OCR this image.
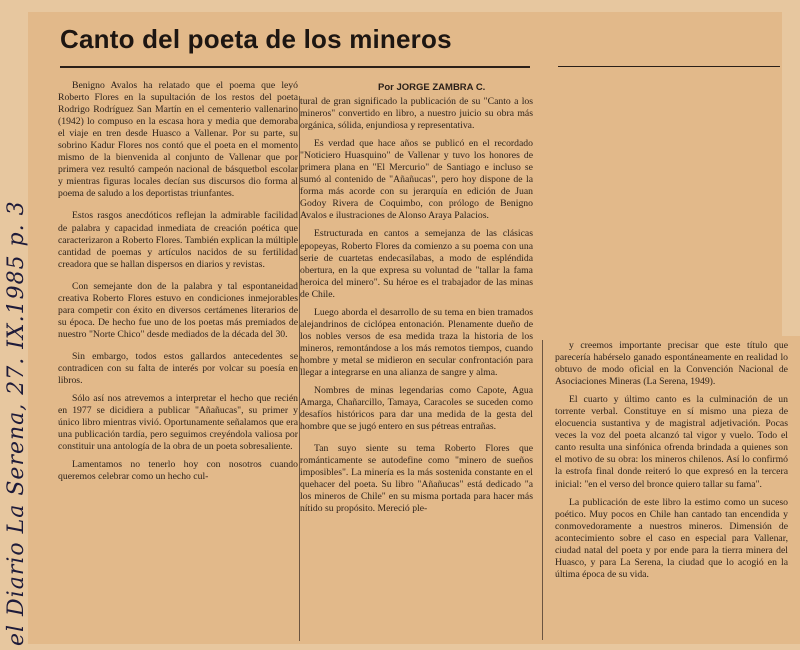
Canto del poeta de los mineros
Por JORGE ZAMBRA C.
el Diario La Serena, 27. IX.1985 p. 3

Benigno Avalos ha relatado que el poema que leyó Roberto Flores en la supultación de los restos del poeta Rodrigo Rodríguez San Martín en el cementerio vallenarino (1942) lo compuso en la escasa hora y media que demoraba el viaje en tren desde Huasco a Vallenar. Por su parte, su sobrino Kadur Flores nos contó que el poeta en el momento mismo de la bienvenida al conjunto de Vallenar que por primera vez resultó campeón nacional de básquetbol escolar y mientras figuras locales decían sus discursos dio forma al poema de saludo a los deportistas triunfantes.

Estos rasgos anecdóticos reflejan la admirable facilidad de palabra y capacidad inmediata de creación poética que caracterizaron a Roberto Flores. También explican la múltiple cantidad de poemas y artículos nacidos de su fertilidad creadora que se hallan dispersos en diarios y revistas.

Con semejante don de la palabra y tal espontaneidad creativa Roberto Flores estuvo en condiciones inmejorables para competir con éxito en diversos certámenes literarios de su época. De hecho fue uno de los poetas más premiados de nuestro "Norte Chico" desde mediados de la década del 30.

Sin embargo, todos estos gallardos antecedentes se contradicen con su falta de interés por volcar su poesía en libros.

Sólo así nos atrevemos a interpretar el hecho que recién en 1977 se dicidiera a publicar "Añañucas", su primer y único libro mientras vivió. Oportunamente señalamos que era una publicación tardía, pero seguimos creyéndola valiosa por constituir una antología de la obra de un poeta sobresaliente.

Lamentamos no tenerlo hoy con nosotros cuando queremos celebrar como un hecho cul-

tural de gran significado la publicación de su "Canto a los mineros" convertido en libro, a nuestro juicio su obra más orgánica, sólida, enjundiosa y representativa.

Es verdad que hace años se publicó en el recordado "Noticiero Huasquino" de Vallenar y tuvo los honores de primera plana en "El Mercurio" de Santiago e incluso se sumó al contenido de "Añañucas", pero hoy dispone de la forma más acorde con su jerarquía en edición de Juan Godoy Rivera de Coquimbo, con prólogo de Benigno Avalos e ilustraciones de Alonso Araya Palacios.

Estructurada en cantos a semejanza de las clásicas epopeyas, Roberto Flores da comienzo a su poema con una serie de cuartetas endecasílabas, a modo de espléndida obertura, en la que expresa su voluntad de "tallar la fama heroica del minero". Su héroe es el trabajador de las minas de Chile.

Luego aborda el desarrollo de su tema en bien tramados alejandrinos de ciclópea entonación. Plenamente dueño de los nobles versos de esa medida traza la historia de los mineros, remontándose a los más remotos tiempos, cuando hombre y metal se midieron en secular confrontación para llegar a integrarse en una alianza de sangre y alma.

Nombres de minas legendarias como Capote, Agua Amarga, Chañarcillo, Tamaya, Caracoles se suceden como desafíos históricos para dar una medida de la gesta del hombre que se jugó entero en sus pétreas entrañas.

Tan suyo siente su tema Roberto Flores que románticamente se autodefine como "minero de sueños imposibles". La minería es la más sostenida constante en el quehacer del poeta. Su libro "Añañucas" está dedicado "a los mineros de Chile" en su misma portada para hacer más nítido su propósito. Mereció ple-

y creemos importante precisar que este título que parecería habérselo ganado espontáneamente en realidad lo obtuvo de modo oficial en la Convención Nacional de Asociaciones Mineras (La Serena, 1949).

El cuarto y último canto es la culminación de un torrente verbal. Constituye en sí mismo una pieza de elocuencia sustantiva y de magistral adjetivación. Pocas veces la voz del poeta alcanzó tal vigor y vuelo. Todo el canto resulta una sinfónica ofrenda brindada a quienes son el motivo de su obra: los mineros chilenos. Así lo confirmó la estrofa final donde reiteró lo que expresó en la tercera inicial: "en el verso del bronce quiero tallar su fama".

La publicación de este libro la estimo como un suceso poético. Muy pocos en Chile han cantado tan encendida y conmovedoramente a nuestros mineros. Dimensión de acontecimiento sobre el caso en especial para Vallenar, ciudad natal del poeta y por ende para la tierra minera del Huasco, y para La Serena, la ciudad que lo acogió en la última época de su vida.
